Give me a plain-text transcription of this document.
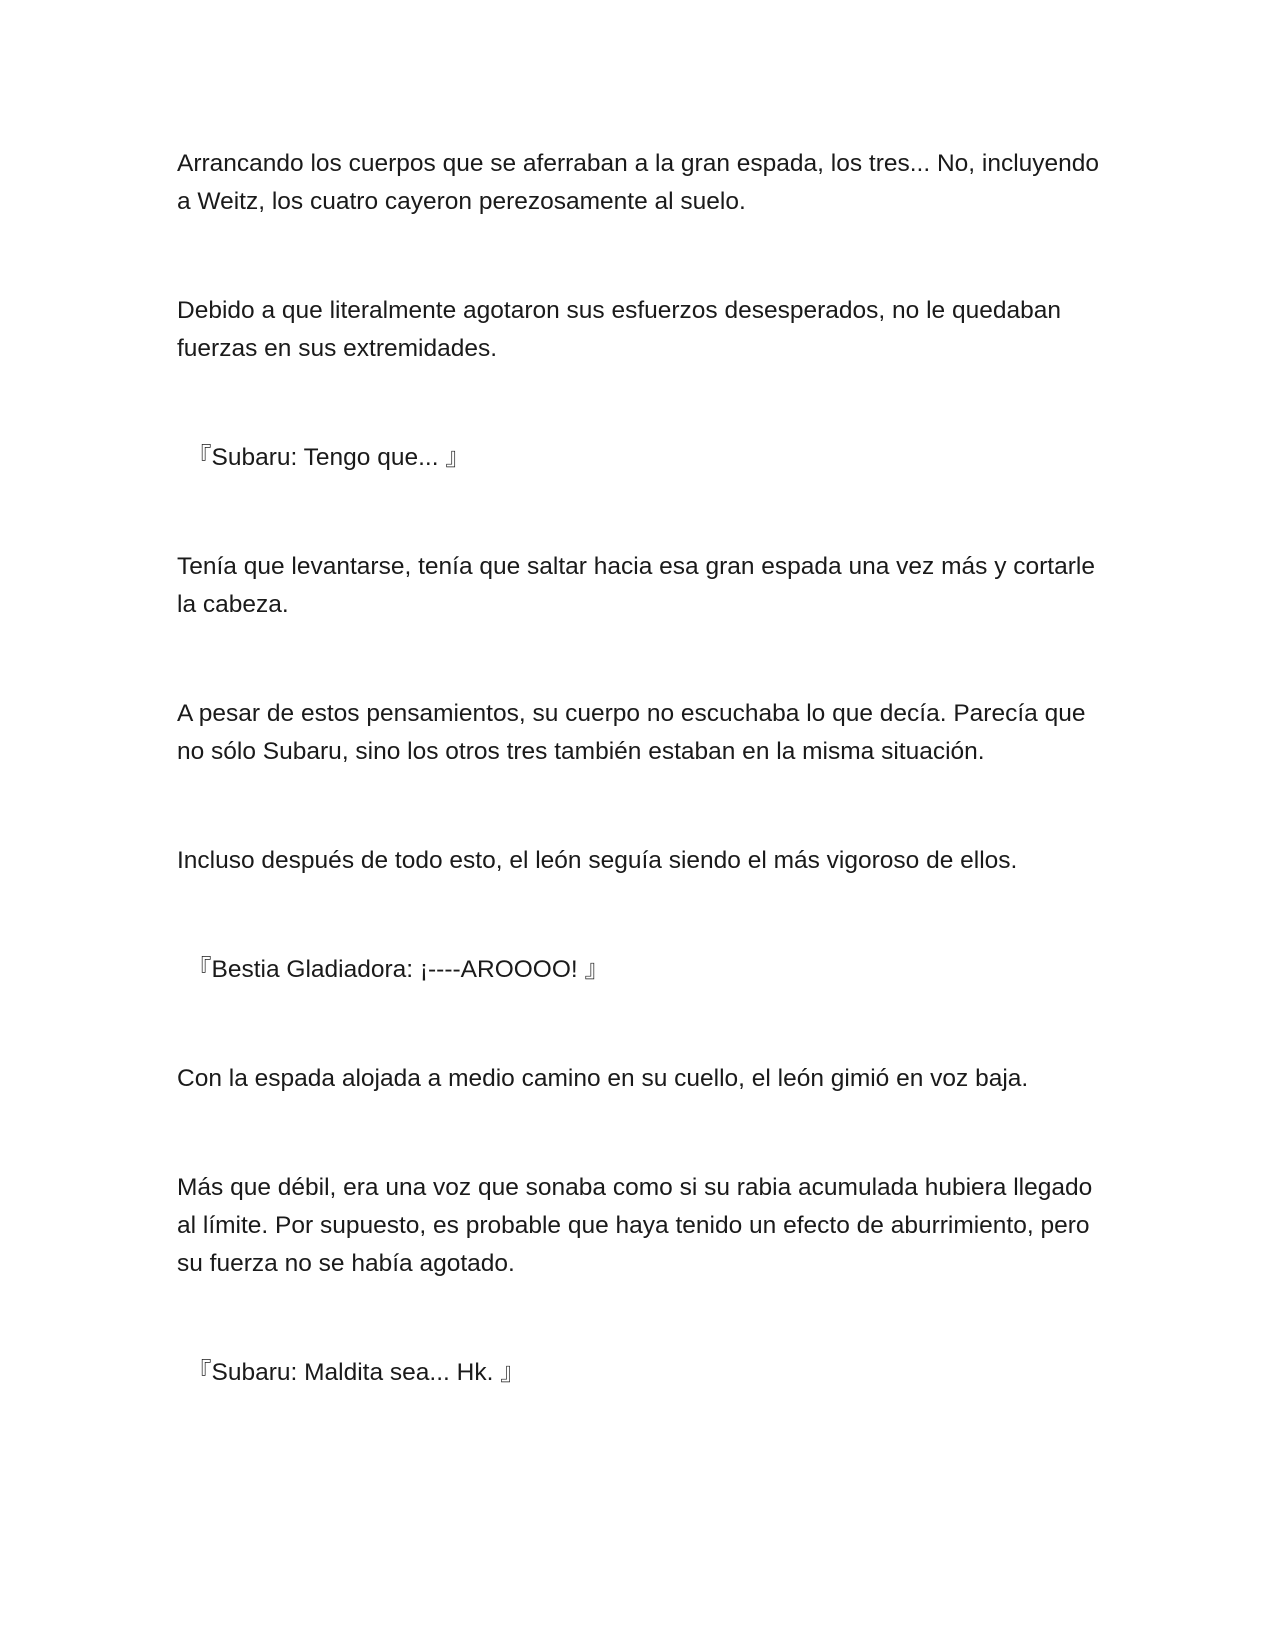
Arrancando los cuerpos que se aferraban a la gran espada, los tres... No, incluyendo a Weitz, los cuatro cayeron perezosamente al suelo.

Debido a que literalmente agotaron sus esfuerzos desesperados, no le quedaban fuerzas en sus extremidades.

『Subaru: Tengo que... 』

Tenía que levantarse, tenía que saltar hacia esa gran espada una vez más y cortarle la cabeza.

A pesar de estos pensamientos, su cuerpo no escuchaba lo que decía. Parecía que no sólo Subaru, sino los otros tres también estaban en la misma situación.

Incluso después de todo esto, el león seguía siendo el más vigoroso de ellos.

『Bestia Gladiadora: ¡----AROOOO! 』

Con la espada alojada a medio camino en su cuello, el león gimió en voz baja.

Más que débil, era una voz que sonaba como si su rabia acumulada hubiera llegado al límite. Por supuesto, es probable que haya tenido un efecto de aburrimiento, pero su fuerza no se había agotado.

『Subaru: Maldita sea... Hk. 』
